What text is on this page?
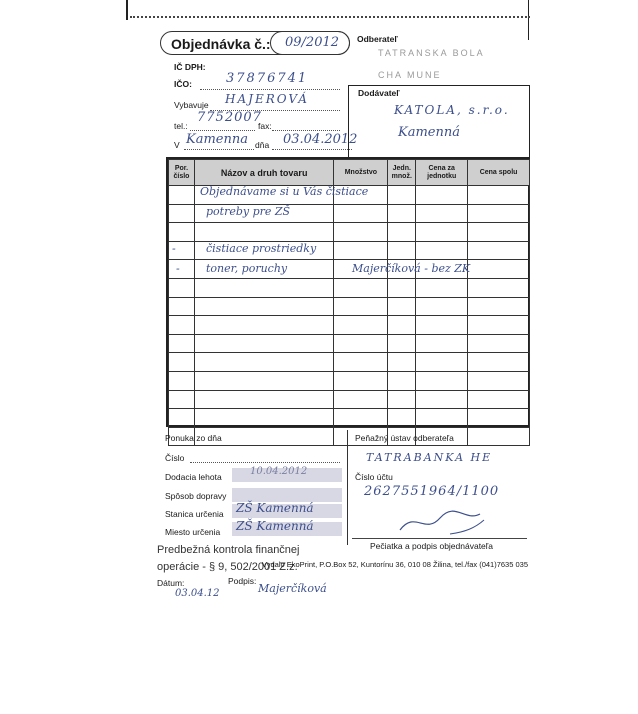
Objednávka č.:	09/2012 Odberateľ
TATRANSKA BOLA
CHA MUNE
IČ DPH:
IČO:	37876741
Vybavuje HAJEROVÁ
tel.:
7752007
fax:
V Kamenna dňa 03.04.2012
Dodávateľ
KATOLA, s.r.o.
Kamenná
Por. číslo	Názov a druh tovaru	Množstvo	Jedn. množ.	Cena za jednotku	Cena spolu

Objednávame si u Vás čistiace
potreby pre ZŠ
-	čistiace prostriedky
- toner, poruchy	Majerčíková - bez ZK
Ponuka zo dňa
Číslo
Dodacia lehota	10.04.2012
Spôsob dopravy
Stanica určenia ZŠ Kamenná
Miesto určenia ZŠ Kamenná
Peňažný ústav odberateľa
TATRABANKA HE
Číslo účtu
2627551964/1100
Pečiatka a podpis objednávateľa
Predbežná kontrola finančnej
operácie - § 9, 502/2001 Z.z.
Vydalo EkoPrint, P.O.Box 52, Kuntorínu 36, 010 08 Žilina, tel./fax (041)7635 035
Dátum:	Podpis:
03.04.12	Majerčíková
